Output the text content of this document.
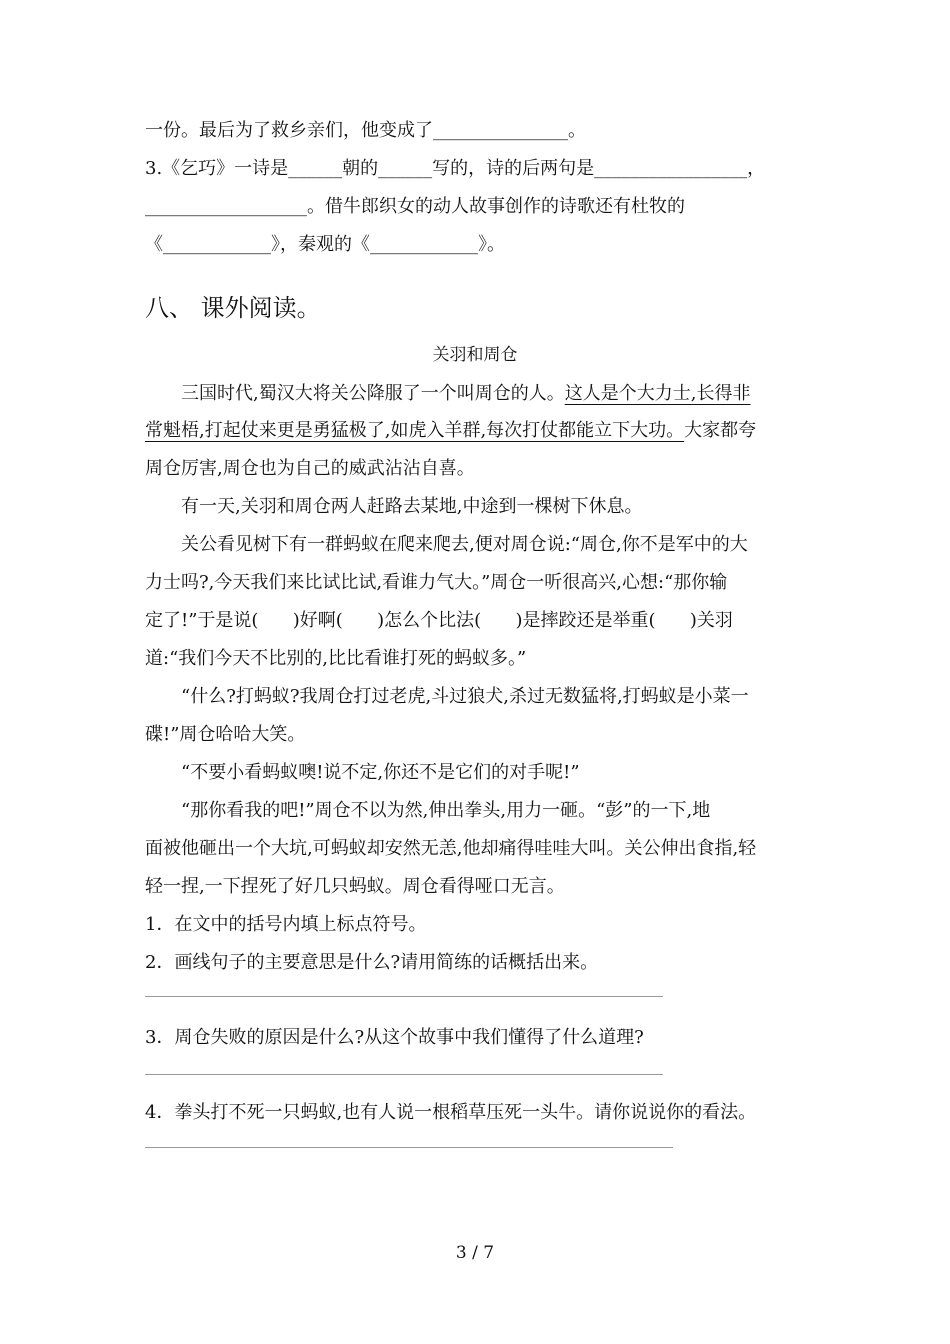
一份。最后为了救乡亲们，他变成了_______________。
3.《乞巧》一诗是______朝的______写的，诗的后两句是_________________，
__________________。借牛郎织女的动人故事创作的诗歌还有杜牧的
《____________》，秦观的《____________》。
八、 课外阅读。
关羽和周仓
三国时代,蜀汉大将关公降服了一个叫周仓的人。这人是个大力士,长得非
常魁梧,打起仗来更是勇猛极了,如虎入羊群,每次打仗都能立下大功。大家都夸
周仓厉害,周仓也为自己的威武沾沾自喜。
有一天,关羽和周仓两人赶路去某地,中途到一棵树下休息。
关公看见树下有一群蚂蚁在爬来爬去,便对周仓说:“周仓,你不是军中的大
力士吗?,今天我们来比试比试,看谁力气大。”周仓一听很高兴,心想:“那你输
定了!”于是说(      )好啊(      )怎么个比法(      )是摔跤还是举重(      )关羽
道:“我们今天不比别的,比比看谁打死的蚂蚁多。”
“什么?打蚂蚁?我周仓打过老虎,斗过狼犬,杀过无数猛将,打蚂蚁是小菜一
碟!”周仓哈哈大笑。
“不要小看蚂蚁噢!说不定,你还不是它们的对手呢!”
“那你看我的吧!”周仓不以为然,伸出拳头,用力一砸。“彭”的一下,地
面被他砸出一个大坑,可蚂蚁却安然无恙,他却痛得哇哇大叫。关公伸出食指,轻
轻一捏,一下捏死了好几只蚂蚁。周仓看得哑口无言。
1．在文中的括号内填上标点符号。
2．画线句子的主要意思是什么?请用简练的话概括出来。
3．周仓失败的原因是什么?从这个故事中我们懂得了什么道理?
4．拳头打不死一只蚂蚁,也有人说一根稻草压死一头牛。请你说说你的看法。
3 / 7
